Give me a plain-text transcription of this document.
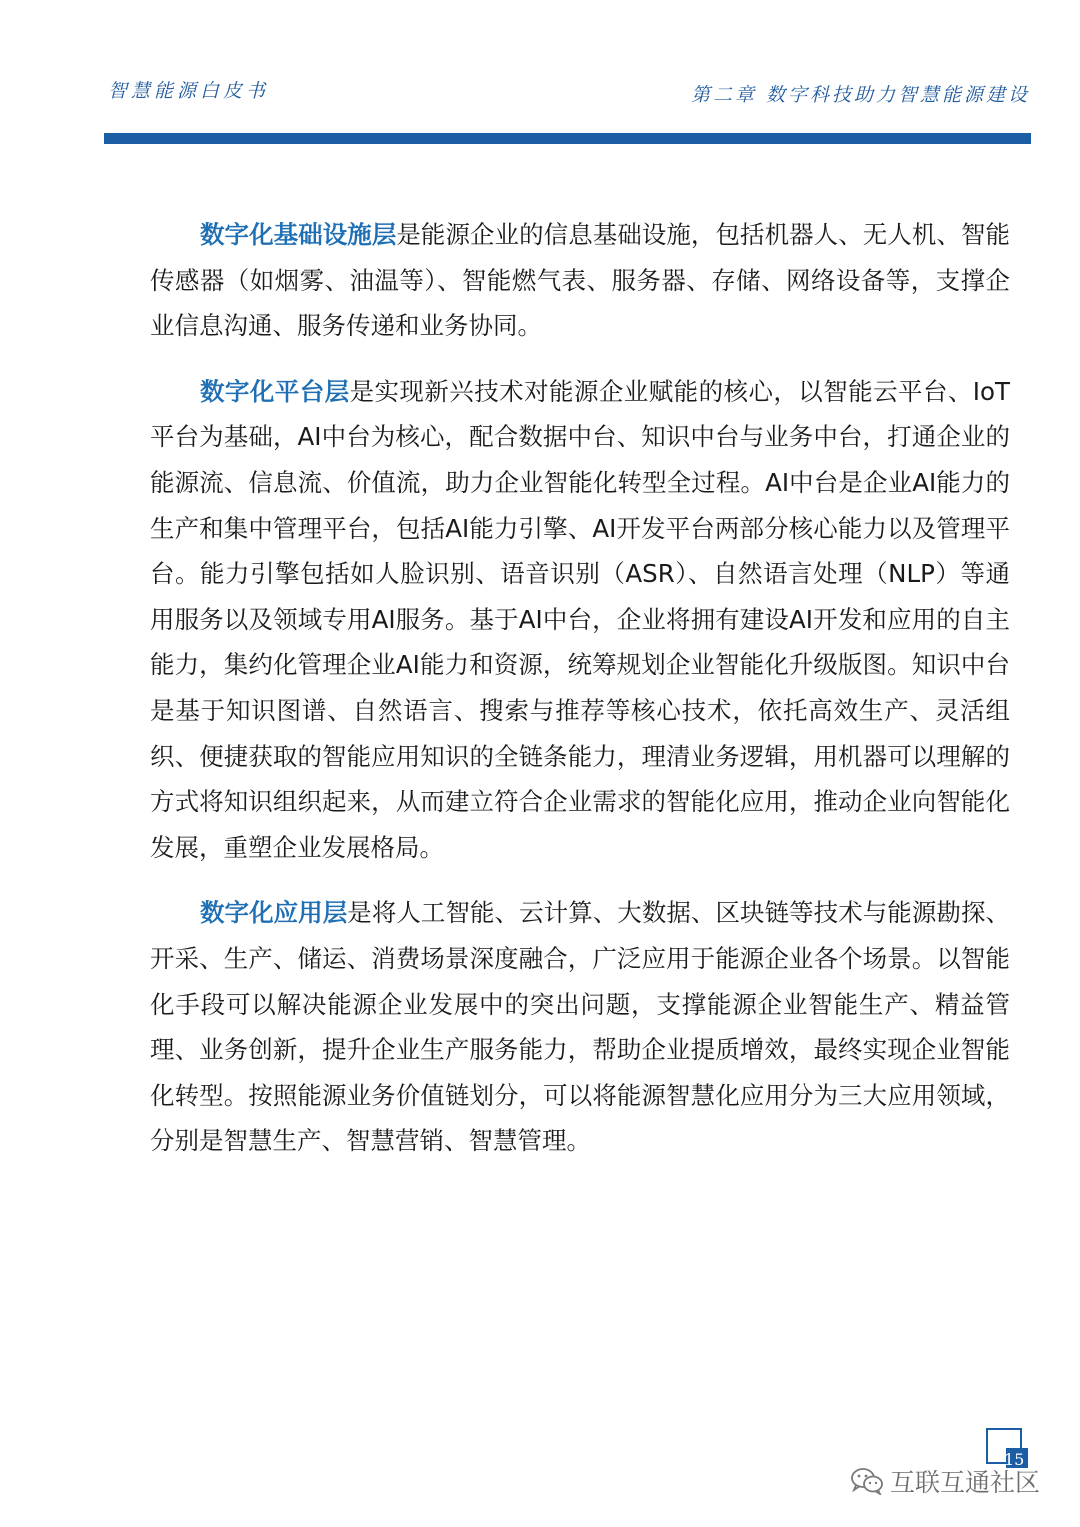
智慧能源白皮书	第二章 数字科技助力智慧能源建设

数字化基础设施层是能源企业的信息基础设施，包括机器人、无人机、智能传感器（如烟雾、油温等）、智能燃气表、服务器、存储、网络设备等，支撑企业信息沟通、服务传递和业务协同。

数字化平台层是实现新兴技术对能源企业赋能的核心，以智能云平台、IoT平台为基础，AI中台为核心，配合数据中台、知识中台与业务中台，打通企业的能源流、信息流、价值流，助力企业智能化转型全过程。AI中台是企业AI能力的生产和集中管理平台，包括AI能力引擎、AI开发平台两部分核心能力以及管理平台。能力引擎包括如人脸识别、语音识别（ASR）、自然语言处理（NLP）等通用服务以及领域专用AI服务。基于AI中台，企业将拥有建设AI开发和应用的自主能力，集约化管理企业AI能力和资源，统筹规划企业智能化升级版图。知识中台是基于知识图谱、自然语言、搜索与推荐等核心技术，依托高效生产、灵活组织、便捷获取的智能应用知识的全链条能力，理清业务逻辑，用机器可以理解的方式将知识组织起来，从而建立符合企业需求的智能化应用，推动企业向智能化发展，重塑企业发展格局。

数字化应用层是将人工智能、云计算、大数据、区块链等技术与能源勘探、开采、生产、储运、消费场景深度融合，广泛应用于能源企业各个场景。以智能化手段可以解决能源企业发展中的突出问题，支撑能源企业智能生产、精益管理、业务创新，提升企业生产服务能力，帮助企业提质增效，最终实现企业智能化转型。按照能源业务价值链划分，可以将能源智慧化应用分为三大应用领域，分别是智慧生产、智慧营销、智慧管理。

15
互联互通社区
